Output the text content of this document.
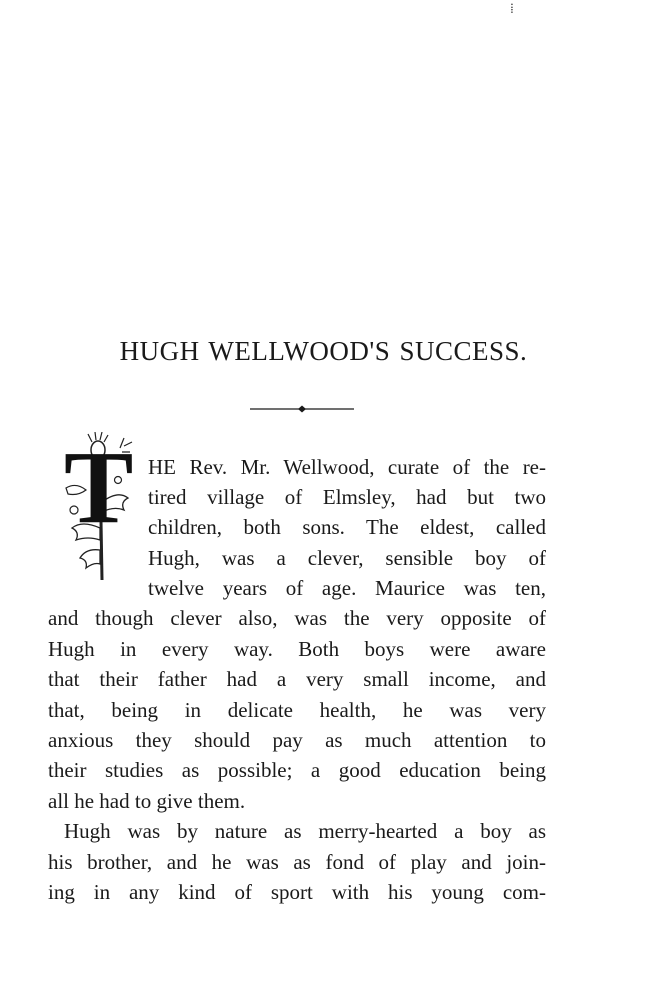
⁞
HUGH WELLWOOD'S SUCCESS.
T HE Rev. Mr. Wellwood, curate of the re-
tired village of Elmsley, had but two
children, both sons. The eldest, called
Hugh, was a clever, sensible boy of
twelve years of age. Maurice was ten,
and though clever also, was the very opposite of
Hugh in every way. Both boys were aware
that their father had a very small income, and
that, being in delicate health, he was very
anxious they should pay as much attention to
their studies as possible; a good education being
all he had to give them.
Hugh was by nature as merry-hearted a boy as
his brother, and he was as fond of play and join-
ing in any kind of sport with his young com-
